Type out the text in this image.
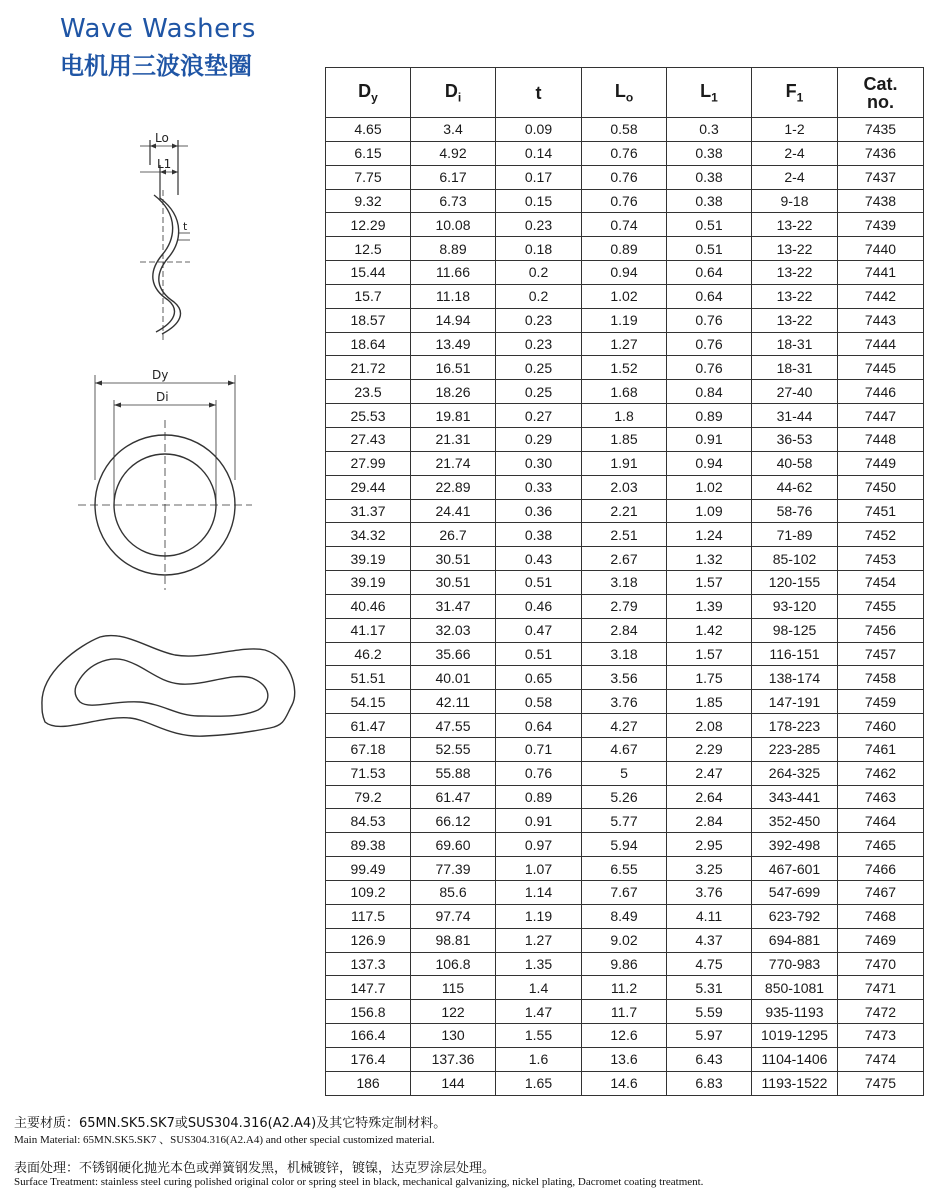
Wave Washers
电机用三波浪垫圈
Lo
L1
t
Dy
Di
$D_y$	$D_i$	t	$L_o$	$L_1$	$F_1$	Cat. no.
4.65	3.4	0.09	0.58	0.3	1-2	7435
6.15	4.92	0.14	0.76	0.38	2-4	7436
7.75	6.17	0.17	0.76	0.38	2-4	7437
9.32	6.73	0.15	0.76	0.38	9-18	7438
12.29	10.08	0.23	0.74	0.51	13-22	7439
12.5	8.89	0.18	0.89	0.51	13-22	7440
15.44	11.66	0.2	0.94	0.64	13-22	7441
15.7	11.18	0.2	1.02	0.64	13-22	7442
18.57	14.94	0.23	1.19	0.76	13-22	7443
18.64	13.49	0.23	1.27	0.76	18-31	7444
21.72	16.51	0.25	1.52	0.76	18-31	7445
23.5	18.26	0.25	1.68	0.84	27-40	7446
25.53	19.81	0.27	1.8	0.89	31-44	7447
27.43	21.31	0.29	1.85	0.91	36-53	7448
27.99	21.74	0.30	1.91	0.94	40-58	7449
29.44	22.89	0.33	2.03	1.02	44-62	7450
31.37	24.41	0.36	2.21	1.09	58-76	7451
34.32	26.7	0.38	2.51	1.24	71-89	7452
39.19	30.51	0.43	2.67	1.32	85-102	7453
39.19	30.51	0.51	3.18	1.57	120-155	7454
40.46	31.47	0.46	2.79	1.39	93-120	7455
41.17	32.03	0.47	2.84	1.42	98-125	7456
46.2	35.66	0.51	3.18	1.57	116-151	7457
51.51	40.01	0.65	3.56	1.75	138-174	7458
54.15	42.11	0.58	3.76	1.85	147-191	7459
61.47	47.55	0.64	4.27	2.08	178-223	7460
67.18	52.55	0.71	4.67	2.29	223-285	7461
71.53	55.88	0.76	5	2.47	264-325	7462
79.2	61.47	0.89	5.26	2.64	343-441	7463
84.53	66.12	0.91	5.77	2.84	352-450	7464
89.38	69.60	0.97	5.94	2.95	392-498	7465
99.49	77.39	1.07	6.55	3.25	467-601	7466
109.2	85.6	1.14	7.67	3.76	547-699	7467
117.5	97.74	1.19	8.49	4.11	623-792	7468
126.9	98.81	1.27	9.02	4.37	694-881	7469
137.3	106.8	1.35	9.86	4.75	770-983	7470
147.7	115	1.4	11.2	5.31	850-1081	7471
156.8	122	1.47	11.7	5.59	935-1193	7472
166.4	130	1.55	12.6	5.97	1019-1295	7473
176.4	137.36	1.6	13.6	6.43	1104-1406	7474
186	144	1.65	14.6	6.83	1193-1522	7475
主要材质：65MN.SK5.SK7或SUS304.316(A2.A4)及其它特殊定制材料。
Main Material: 65MN.SK5.SK7 、SUS304.316(A2.A4) and other special customized material.
表面处理：不锈钢硬化抛光本色或弹簧钢发黑，机械镀锌，镀镍，达克罗涂层处理。
Surface Treatment: stainless steel curing polished original color or spring steel in black, mechanical galvanizing, nickel plating, Dacromet coating treatment.
